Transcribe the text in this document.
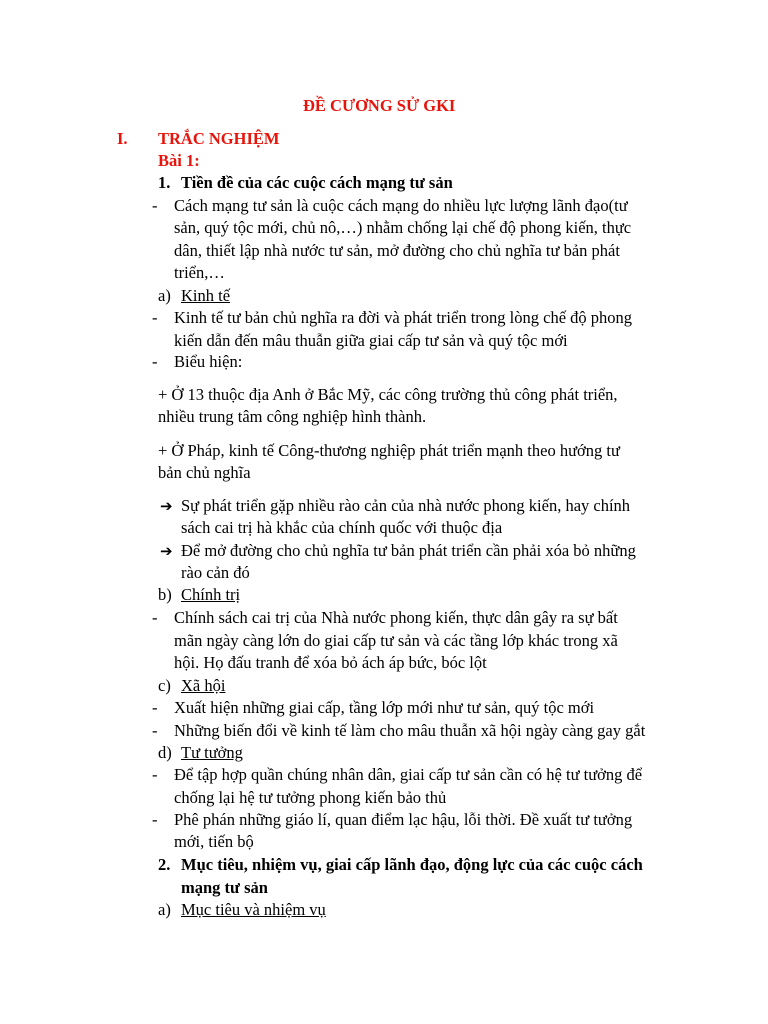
ĐỀ CƯƠNG SỬ GKI
I. TRẮC NGHIỆM
Bài 1:
1. Tiền đề của các cuộc cách mạng tư sản
- Cách mạng tư sản là cuộc cách mạng do nhiều lực lượng lãnh đạo(tư
sản, quý tộc mới, chủ nô,…) nhằm chống lại chế độ phong kiến, thực
dân, thiết lập nhà nước tư sản, mở đường cho chủ nghĩa tư bản phát
triển,…
a) Kinh tế
- Kinh tế tư bản chủ nghĩa ra đời và phát triển trong lòng chế độ phong
kiến dẫn đến mâu thuẫn giữa giai cấp tư sản và quý tộc mới
- Biểu hiện:
+ Ở 13 thuộc địa Anh ở Bắc Mỹ, các công trường thủ công phát triển,
nhiều trung tâm công nghiệp hình thành.
+ Ở Pháp, kinh tế Công-thương nghiệp phát triển mạnh theo hướng tư
bản chủ nghĩa
➔ Sự phát triển gặp nhiều rào cản của nhà nước phong kiến, hay chính
sách cai trị hà khắc của chính quốc với thuộc địa
➔ Để mở đường cho chủ nghĩa tư bản phát triển cần phải xóa bỏ những
rào cản đó
b) Chính trị
- Chính sách cai trị của Nhà nước phong kiến, thực dân gây ra sự bất
mãn ngày càng lớn do giai cấp tư sản và các tầng lớp khác trong xã
hội. Họ đấu tranh để xóa bỏ ách áp bức, bóc lột
c) Xã hội
- Xuất hiện những giai cấp, tầng lớp mới như tư sản, quý tộc mới
- Những biến đổi về kinh tế làm cho mâu thuẫn xã hội ngày càng gay gắt
d) Tư tưởng
- Để tập hợp quần chúng nhân dân, giai cấp tư sản cần có hệ tư tưởng để
chống lại hệ tư tưởng phong kiến bảo thủ
- Phê phán những giáo lí, quan điểm lạc hậu, lỗi thời. Đề xuất tư tưởng
mới, tiến bộ
2. Mục tiêu, nhiệm vụ, giai cấp lãnh đạo, động lực của các cuộc cách
mạng tư sản
a) Mục tiêu và nhiệm vụ
